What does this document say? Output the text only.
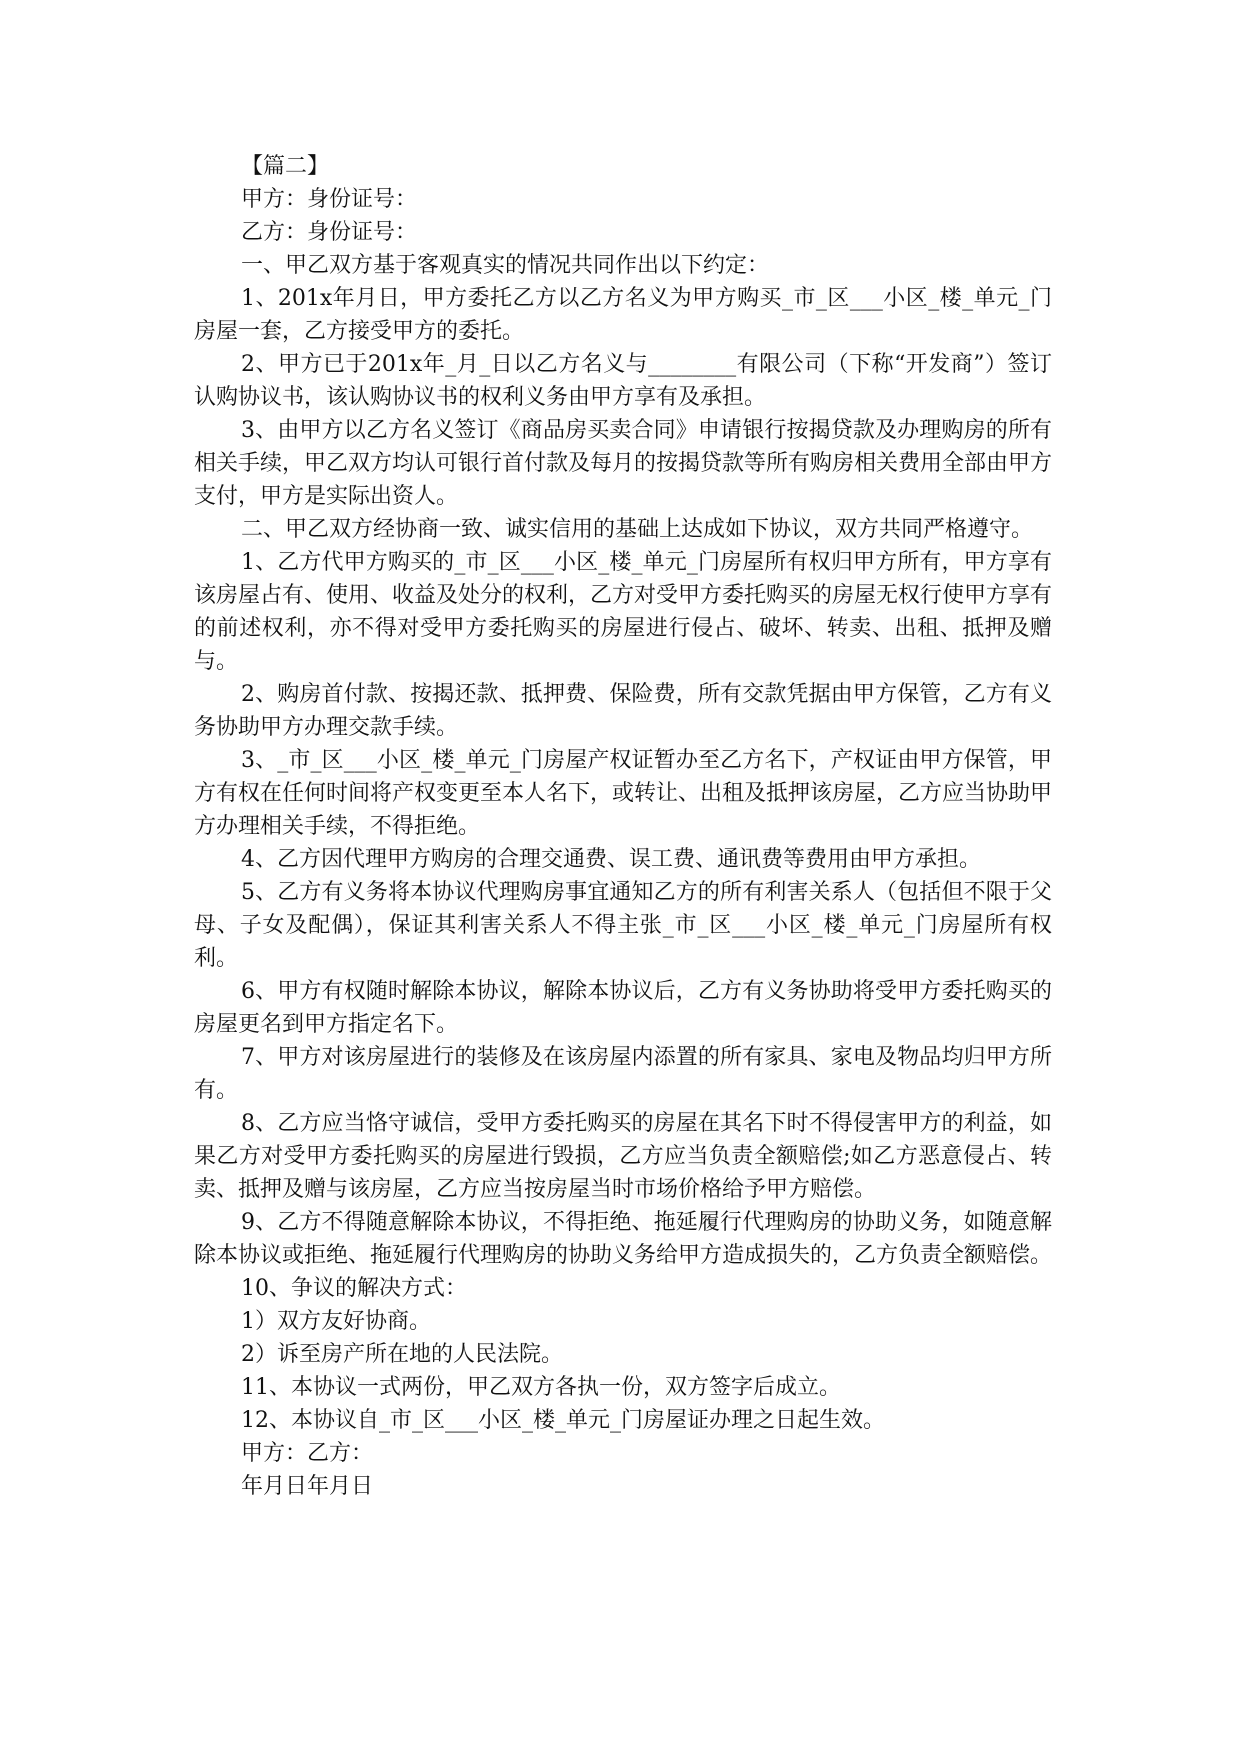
【篇二】

甲方：身份证号：

乙方：身份证号：

一、甲乙双方基于客观真实的情况共同作出以下约定：

1、201x年月日，甲方委托乙方以乙方名义为甲方购买_市_区___小区_楼_单元_门房屋一套，乙方接受甲方的委托。

2、甲方已于201x年_月_日以乙方名义与________有限公司（下称“开发商”）签订认购协议书，该认购协议书的权利义务由甲方享有及承担。

3、由甲方以乙方名义签订《商品房买卖合同》申请银行按揭贷款及办理购房的所有相关手续，甲乙双方均认可银行首付款及每月的按揭贷款等所有购房相关费用全部由甲方支付，甲方是实际出资人。

二、甲乙双方经协商一致、诚实信用的基础上达成如下协议，双方共同严格遵守。

1、乙方代甲方购买的_市_区___小区_楼_单元_门房屋所有权归甲方所有，甲方享有该房屋占有、使用、收益及处分的权利，乙方对受甲方委托购买的房屋无权行使甲方享有的前述权利，亦不得对受甲方委托购买的房屋进行侵占、破坏、转卖、出租、抵押及赠与。

2、购房首付款、按揭还款、抵押费、保险费，所有交款凭据由甲方保管，乙方有义务协助甲方办理交款手续。

3、_市_区___小区_楼_单元_门房屋产权证暂办至乙方名下，产权证由甲方保管，甲方有权在任何时间将产权变更至本人名下，或转让、出租及抵押该房屋，乙方应当协助甲方办理相关手续，不得拒绝。

4、乙方因代理甲方购房的合理交通费、误工费、通讯费等费用由甲方承担。

5、乙方有义务将本协议代理购房事宜通知乙方的所有利害关系人（包括但不限于父母、子女及配偶），保证其利害关系人不得主张_市_区___小区_楼_单元_门房屋所有权利。

6、甲方有权随时解除本协议，解除本协议后，乙方有义务协助将受甲方委托购买的房屋更名到甲方指定名下。

7、甲方对该房屋进行的装修及在该房屋内添置的所有家具、家电及物品均归甲方所有。

8、乙方应当恪守诚信，受甲方委托购买的房屋在其名下时不得侵害甲方的利益，如果乙方对受甲方委托购买的房屋进行毁损，乙方应当负责全额赔偿;如乙方恶意侵占、转卖、抵押及赠与该房屋，乙方应当按房屋当时市场价格给予甲方赔偿。

9、乙方不得随意解除本协议，不得拒绝、拖延履行代理购房的协助义务，如随意解除本协议或拒绝、拖延履行代理购房的协助义务给甲方造成损失的，乙方负责全额赔偿。

10、争议的解决方式：

1）双方友好协商。

2）诉至房产所在地的人民法院。

11、本协议一式两份，甲乙双方各执一份，双方签字后成立。

12、本协议自_市_区___小区_楼_单元_门房屋证办理之日起生效。

甲方：乙方：

年月日年月日
